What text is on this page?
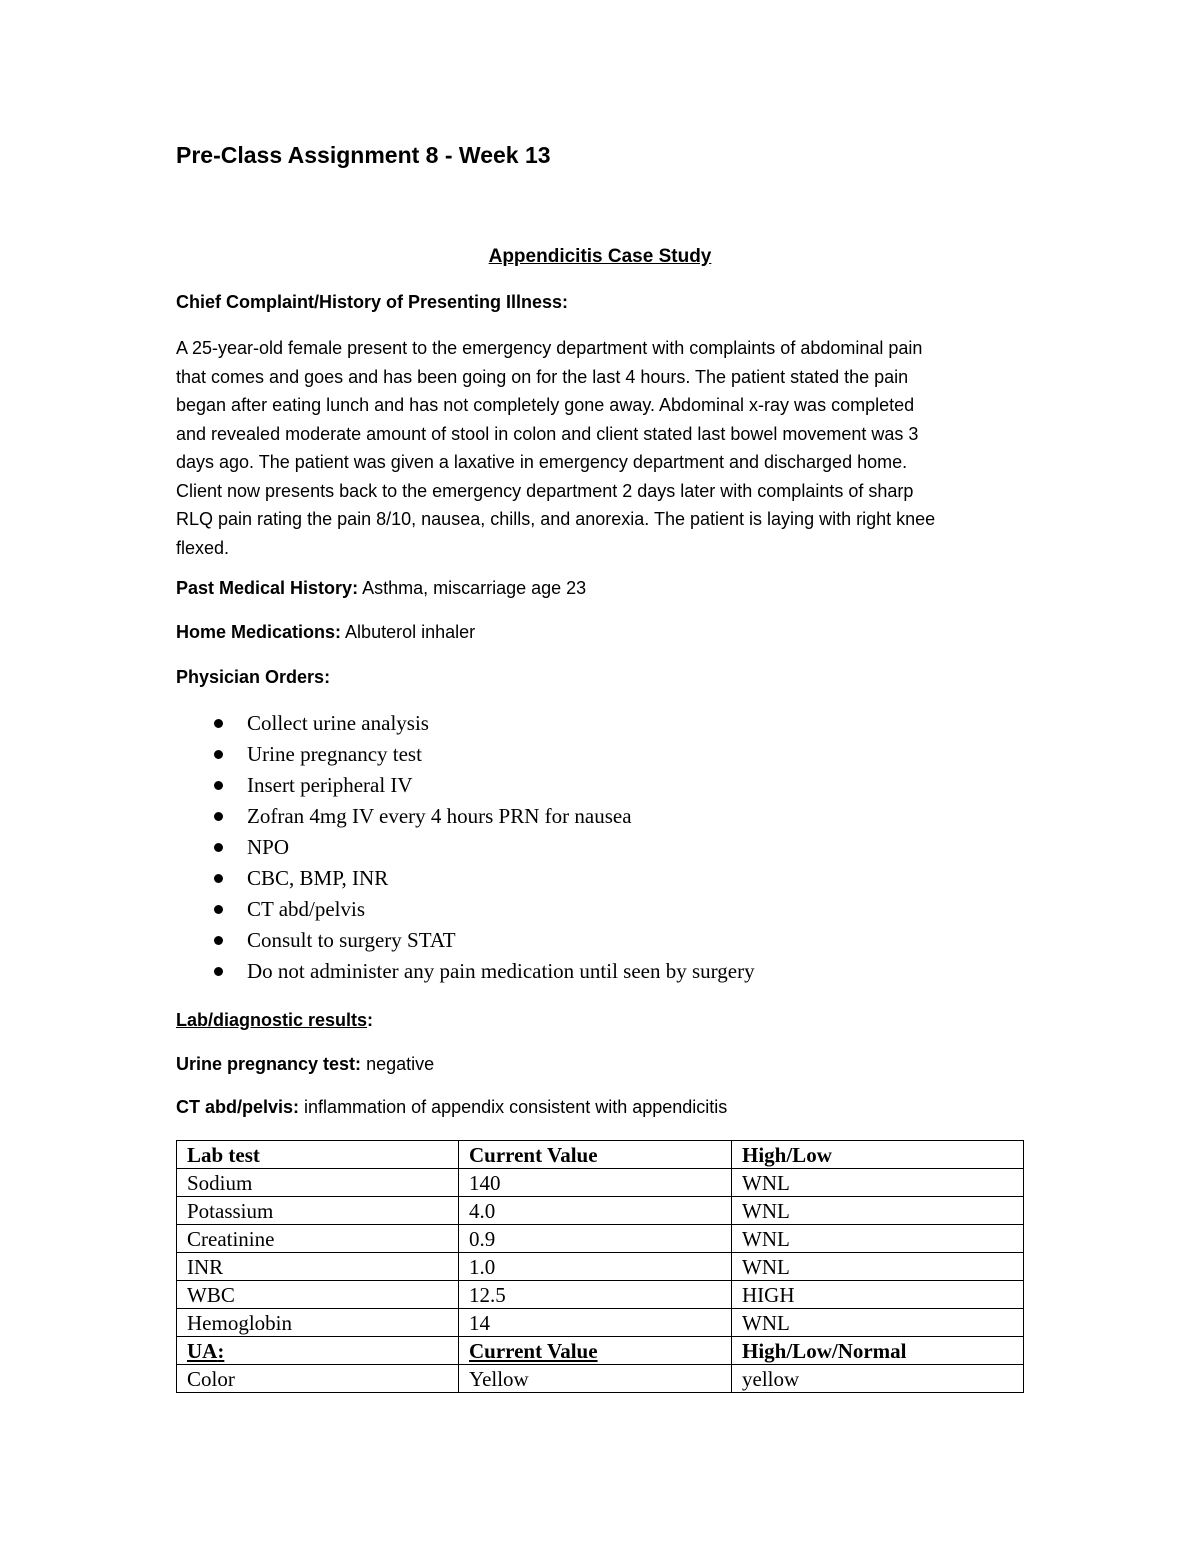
Pre-Class Assignment 8 - Week 13
Appendicitis Case Study
Chief Complaint/History of Presenting Illness:
A 25-year-old female present to the emergency department with complaints of abdominal pain
that comes and goes and has been going on for the last 4 hours. The patient stated the pain
began after eating lunch and has not completely gone away. Abdominal x-ray was completed
and revealed moderate amount of stool in colon and client stated last bowel movement was 3
days ago. The patient was given a laxative in emergency department and discharged home.
Client now presents back to the emergency department 2 days later with complaints of sharp
RLQ pain rating the pain 8/10, nausea, chills, and anorexia. The patient is laying with right knee
flexed.
Past Medical History: Asthma, miscarriage age 23
Home Medications: Albuterol inhaler
Physician Orders:
Collect urine analysis
Urine pregnancy test
Insert peripheral IV
Zofran 4mg IV every 4 hours PRN for nausea
NPO
CBC, BMP, INR
CT abd/pelvis
Consult to surgery STAT
Do not administer any pain medication until seen by surgery
Lab/diagnostic results:
Urine pregnancy test: negative
CT abd/pelvis: inflammation of appendix consistent with appendicitis
Lab test	Current Value	High/Low
Sodium	140	WNL
Potassium	4.0	WNL
Creatinine	0.9	WNL
INR	1.0	WNL
WBC	12.5	HIGH
Hemoglobin	14	WNL
UA:	Current Value	High/Low/Normal
Color	Yellow	yellow
